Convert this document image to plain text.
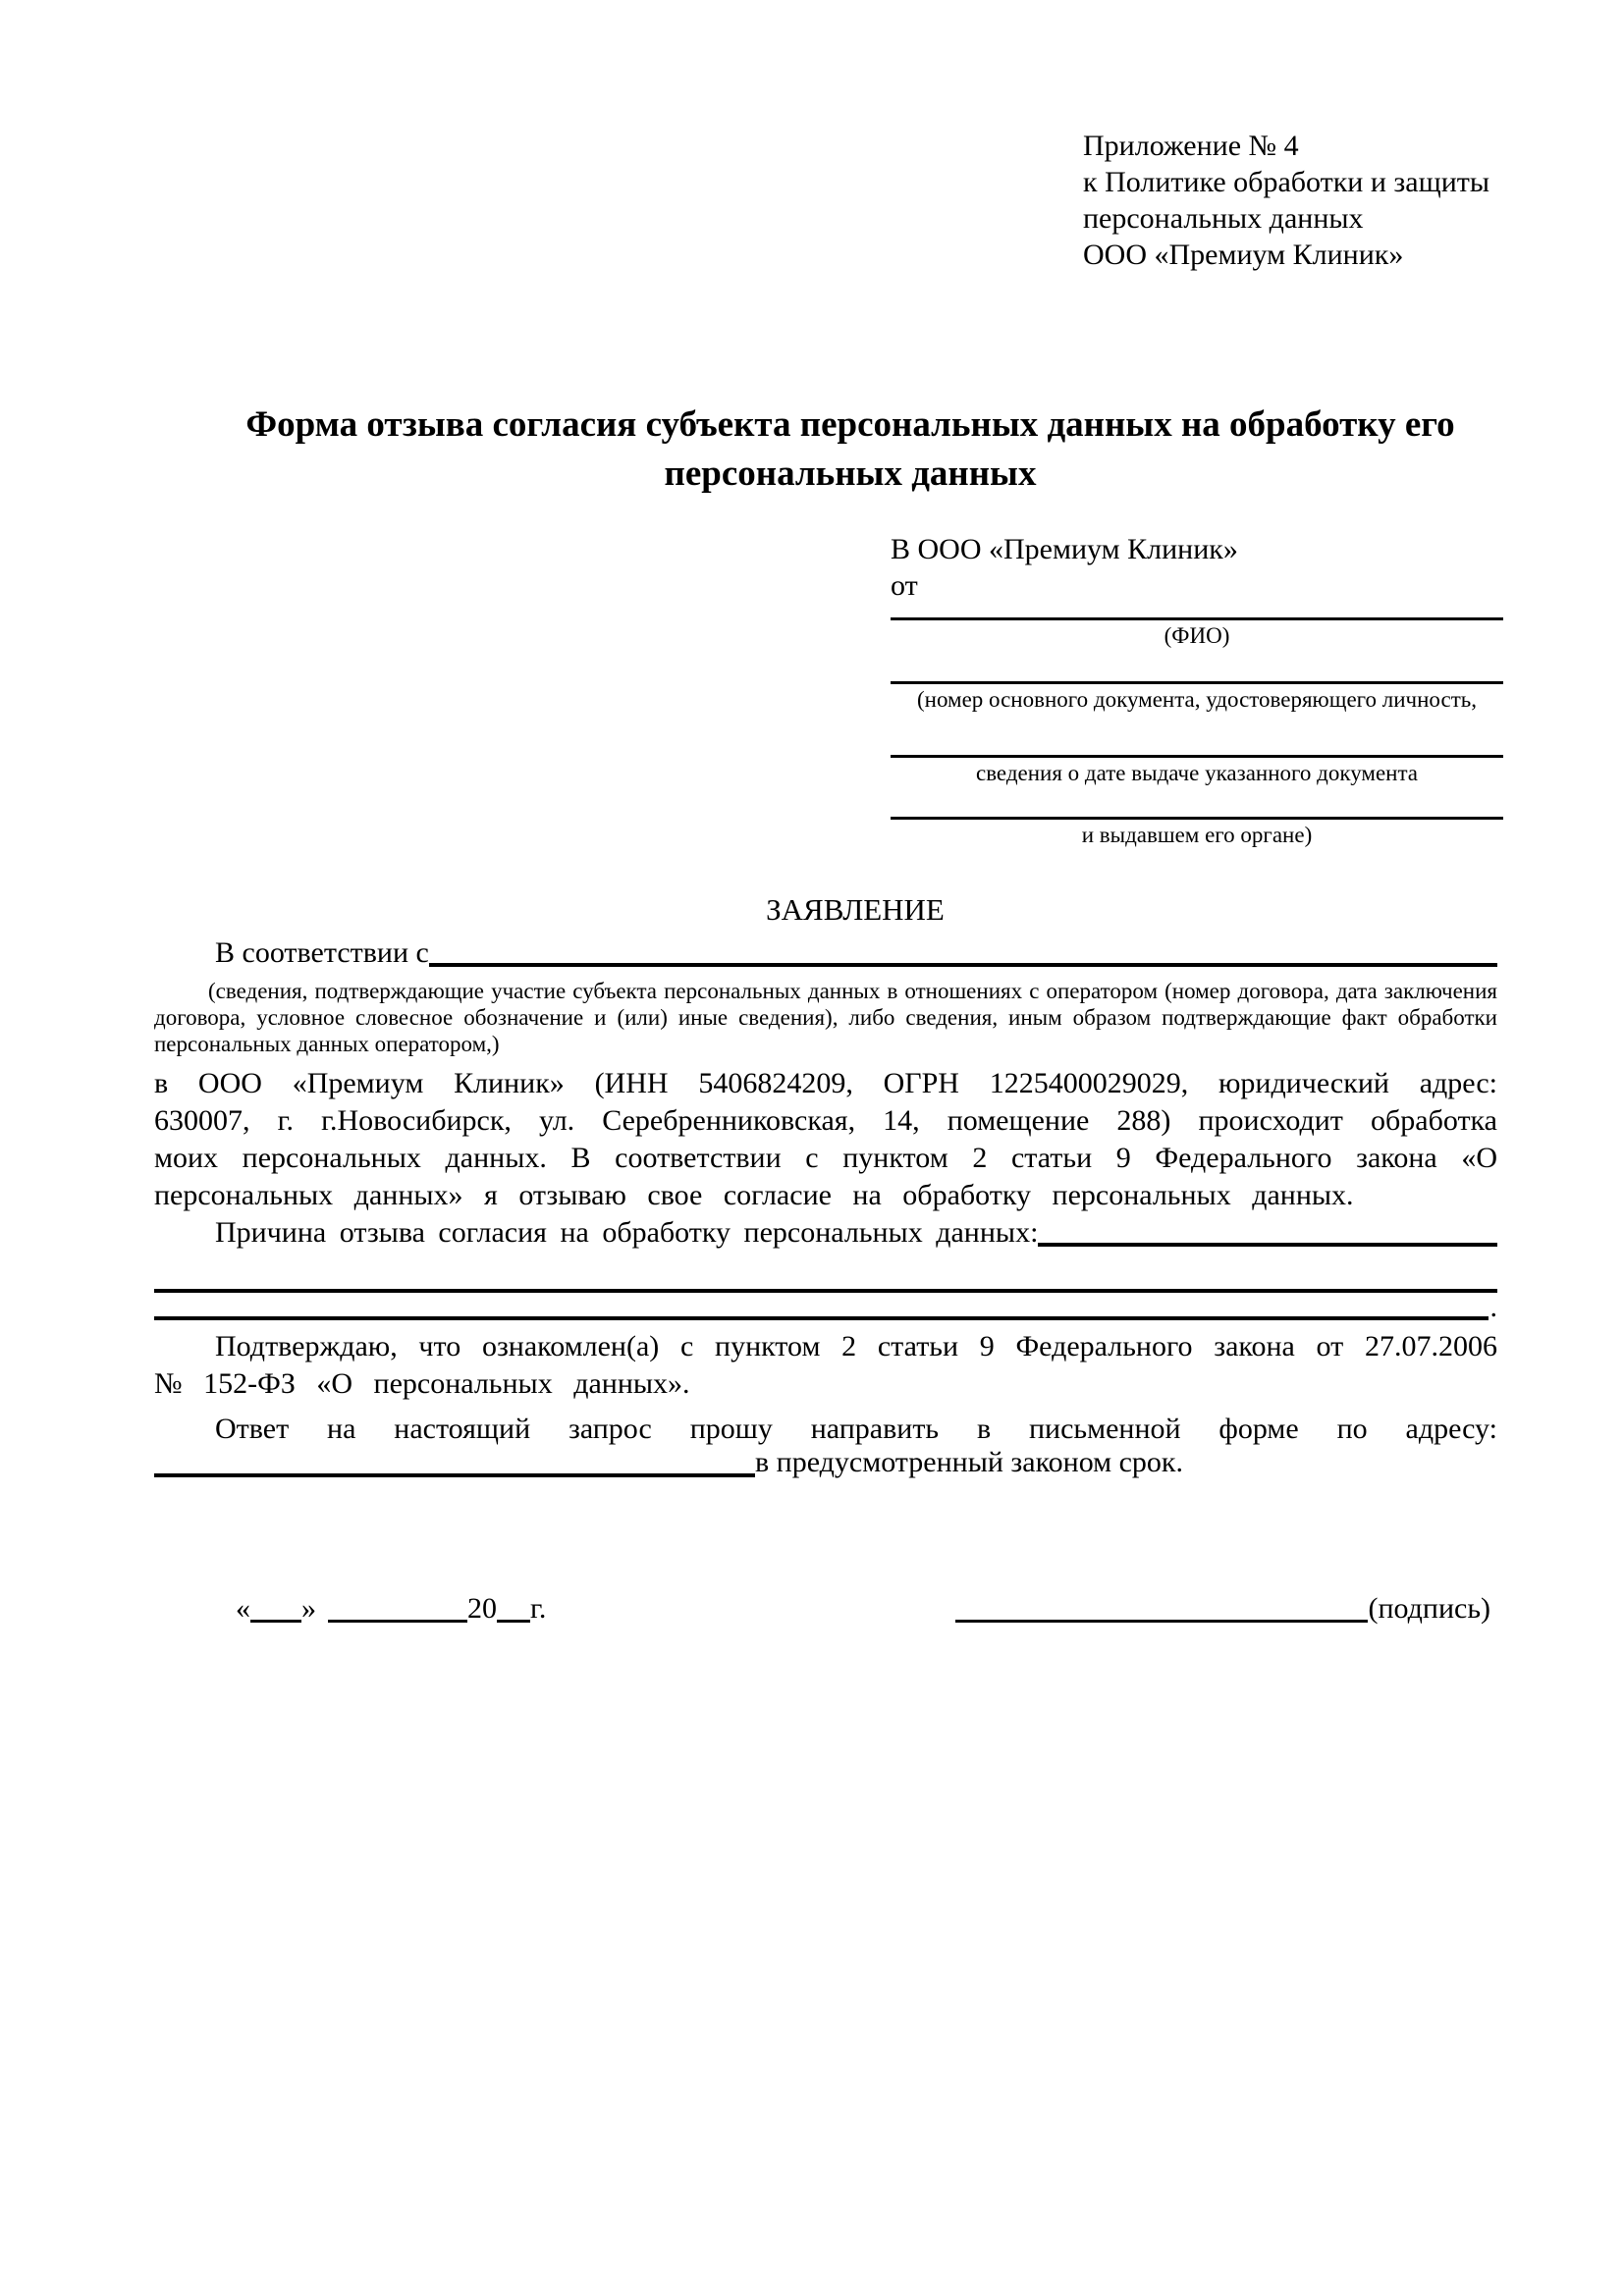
Приложение № 4
к Политике обработки и защиты
персональных данных
ООО «Премиум Клиник»
Форма отзыва согласия субъекта персональных данных на обработку его персональных данных
В ООО «Премиум Клиник»
от
(ФИО)
(номер основного документа, удостоверяющего личность,
сведения о дате выдаче указанного документа
и выдавшем его органе)
ЗАЯВЛЕНИЕ
В соответствии с

(сведения, подтверждающие участие субъекта персональных данных в отношениях с оператором (номер договора, дата заключения договора, условное словесное обозначение и (или) иные сведения), либо сведения, иным образом подтверждающие факт обработки персональных данных оператором,)

в ООО «Премиум Клиник» (ИНН 5406824209, ОГРН 1225400029029, юридический адрес: 630007, г. г.Новосибирск, ул. Серебренниковская, 14, помещение 288) происходит обработка моих персональных данных. В соответствии с пунктом 2 статьи 9 Федерального закона «О персональных данных» я отзываю свое согласие на обработку персональных данных.

Причина отзыва согласия на обработку персональных данных:
.

Подтверждаю, что ознакомлен(а) с пунктом 2 статьи 9 Федерального закона от 27.07.2006 № 152-ФЗ «О персональных данных».

Ответ на настоящий запрос прошу направить в письменной форме по адресу:

в предусмотренный законом срок.
« »	20 г.	(подпись)
